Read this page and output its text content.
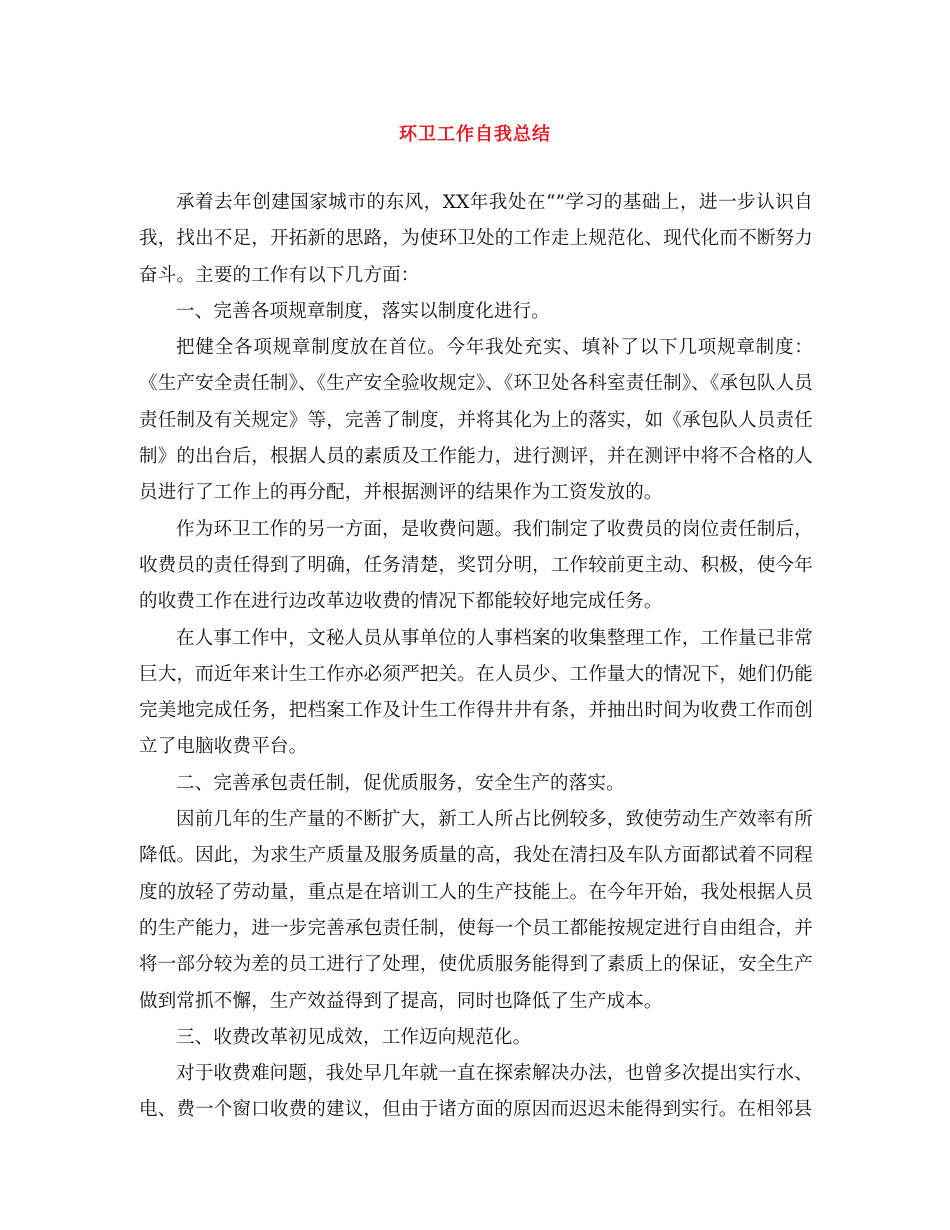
环卫工作自我总结

承着去年创建国家城市的东风，XX年我处在“”学习的基础上，进一步认识自我，找出不足，开拓新的思路，为使环卫处的工作走上规范化、现代化而不断努力奋斗。主要的工作有以下几方面：

一、完善各项规章制度，落实以制度化进行。

把健全各项规章制度放在首位。今年我处充实、填补了以下几项规章制度：《生产安全责任制》、《生产安全验收规定》、《环卫处各科室责任制》、《承包队人员责任制及有关规定》等，完善了制度，并将其化为上的落实，如《承包队人员责任制》的出台后，根据人员的素质及工作能力，进行测评，并在测评中将不合格的人员进行了工作上的再分配，并根据测评的结果作为工资发放的。

作为环卫工作的另一方面，是收费问题。我们制定了收费员的岗位责任制后，收费员的责任得到了明确，任务清楚，奖罚分明，工作较前更主动、积极，使今年的收费工作在进行边改革边收费的情况下都能较好地完成任务。

在人事工作中，文秘人员从事单位的人事档案的收集整理工作，工作量已非常巨大，而近年来计生工作亦必须严把关。在人员少、工作量大的情况下，她们仍能完美地完成任务，把档案工作及计生工作得井井有条，并抽出时间为收费工作而创立了电脑收费平台。

二、完善承包责任制，促优质服务，安全生产的落实。

因前几年的生产量的不断扩大，新工人所占比例较多，致使劳动生产效率有所降低。因此，为求生产质量及服务质量的高，我处在清扫及车队方面都试着不同程度的放轻了劳动量，重点是在培训工人的生产技能上。在今年开始，我处根据人员的生产能力，进一步完善承包责任制，使每一个员工都能按规定进行自由组合，并将一部分较为差的员工进行了处理，使优质服务能得到了素质上的保证，安全生产做到常抓不懈，生产效益得到了提高，同时也降低了生产成本。

三、收费改革初见成效，工作迈向规范化。

对于收费难问题，我处早几年就一直在探索解决办法，也曾多次提出实行水、电、费一个窗口收费的建议，但由于诸方面的原因而迟迟未能得到实行。在相邻县
